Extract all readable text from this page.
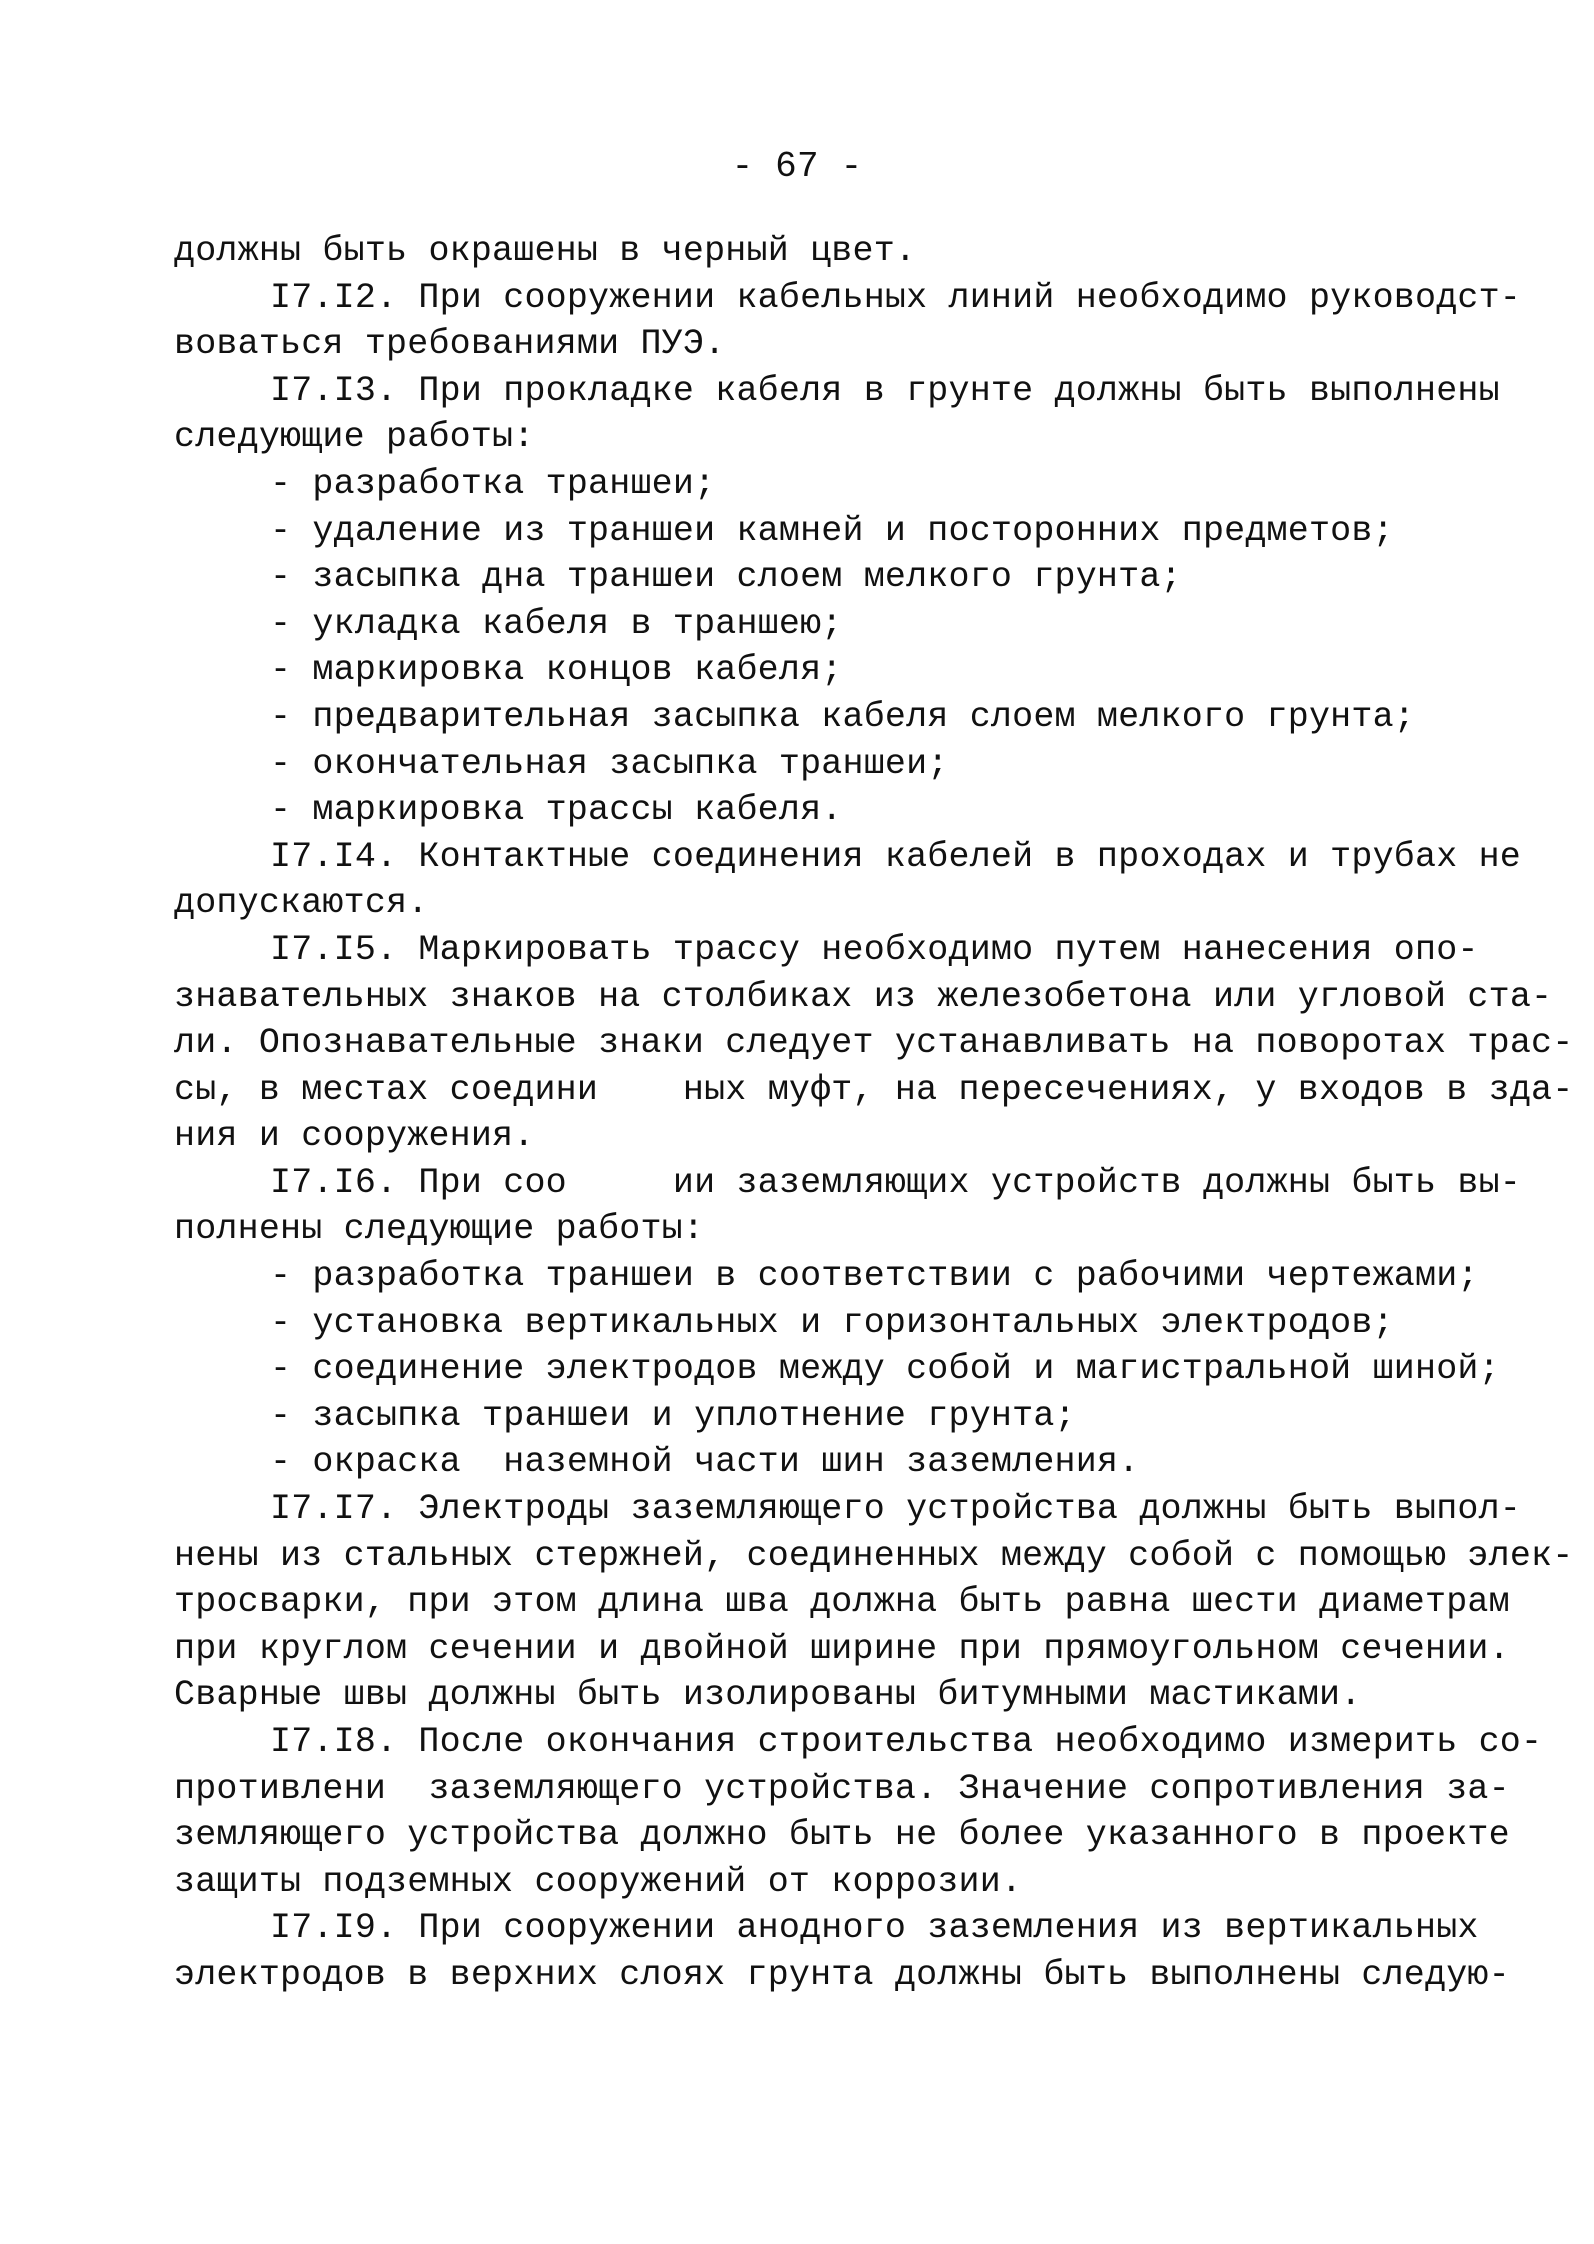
- 67 -
должны быть окрашены в черный цвет.
I7.I2. При сооружении кабельных линий необходимо руководст-
воваться требованиями ПУЭ.
I7.I3. При прокладке кабеля в грунте должны быть выполнены
следующие работы:
- разработка траншеи;
- удаление из траншеи камней и посторонних предметов;
- засыпка дна траншеи слоем мелкого грунта;
- укладка кабеля в траншею;
- маркировка концов кабеля;
- предварительная засыпка кабеля слоем мелкого грунта;
- окончательная засыпка траншеи;
- маркировка трассы кабеля.
I7.I4. Контактные соединения кабелей в проходах и трубах не
допускаются.
I7.I5. Маркировать трассу необходимо путем нанесения опо-
знавательных знаков на столбиках из железобетона или угловой ста-
ли. Опознавательные знаки следует устанавливать на поворотах трас-
сы, в местах соедини    ных муфт, на пересечениях, у входов в зда-
ния и сооружения.
I7.I6. При соо     ии заземляющих устройств должны быть вы-
полнены следующие работы:
- разработка траншеи в соответствии с рабочими чертежами;
- установка вертикальных и горизонтальных электродов;
- соединение электродов между собой и магистральной шиной;
- засыпка траншеи и уплотнение грунта;
- окраска  наземной части шин заземления.
I7.I7. Электроды заземляющего устройства должны быть выпол-
нены из стальных стержней, соединенных между собой с помощью элек-
тросварки, при этом длина шва должна быть равна шести диаметрам
при круглом сечении и двойной ширине при прямоугольном сечении.
Сварные швы должны быть изолированы битумными мастиками.
I7.I8. После окончания строительства необходимо измерить со-
противлени  заземляющего устройства. Значение сопротивления за-
земляющего устройства должно быть не более указанного в проекте
защиты подземных сооружений от коррозии.
I7.I9. При сооружении анодного заземления из вертикальных
электродов в верхних слоях грунта должны быть выполнены следую-
